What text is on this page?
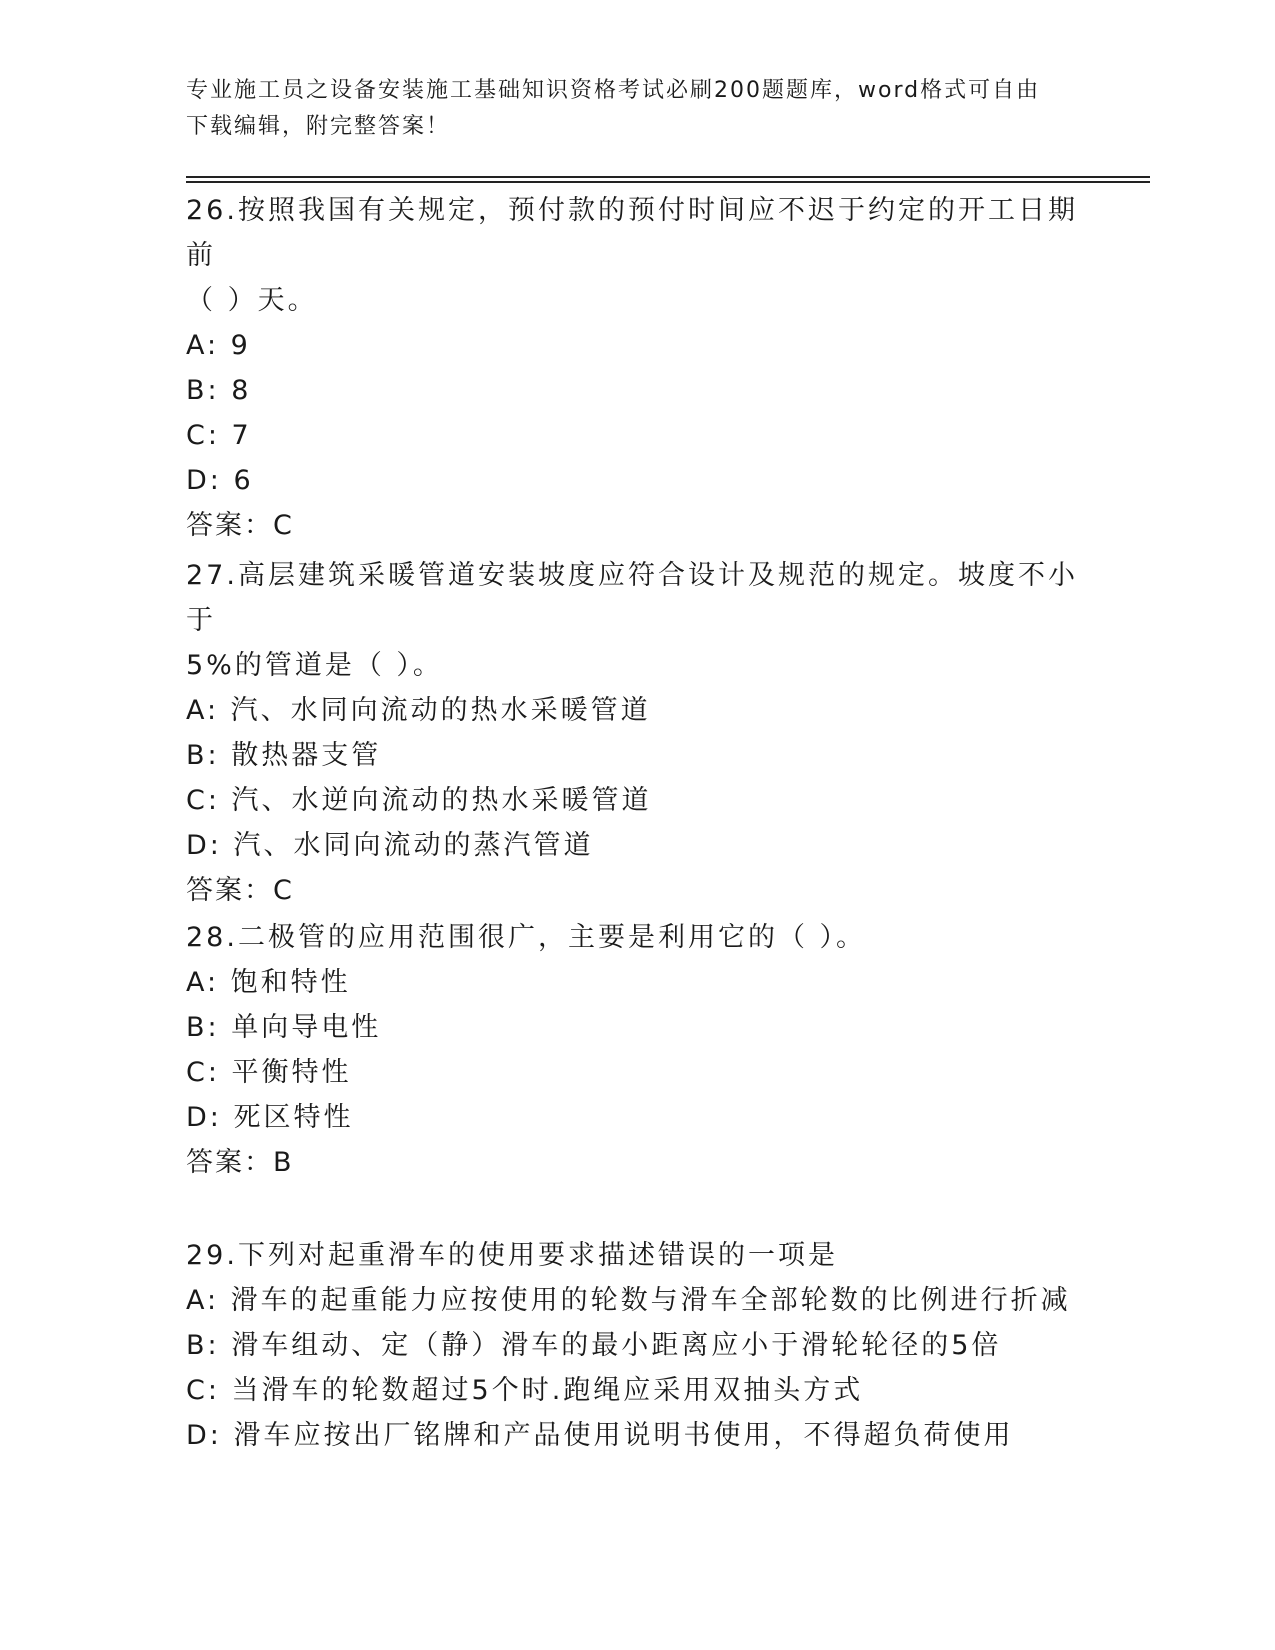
专业施工员之设备安装施工基础知识资格考试必刷200题题库，word格式可自由
下载编辑，附完整答案！
26.按照我国有关规定，预付款的预付时间应不迟于约定的开工日期前
（ ）天。
A: 9
B: 8
C: 7
D: 6
答案：C
27.高层建筑采暖管道安装坡度应符合设计及规范的规定。坡度不小于
5%的管道是（ ）。
A: 汽、水同向流动的热水采暖管道
B: 散热器支管
C: 汽、水逆向流动的热水采暖管道
D: 汽、水同向流动的蒸汽管道
答案：C
28.二极管的应用范围很广，主要是利用它的（ ）。
A: 饱和特性
B: 单向导电性
C: 平衡特性
D: 死区特性
答案：B
29.下列对起重滑车的使用要求描述错误的一项是
A: 滑车的起重能力应按使用的轮数与滑车全部轮数的比例进行折减
B: 滑车组动、定（静）滑车的最小距离应小于滑轮轮径的5倍
C: 当滑车的轮数超过5个时.跑绳应采用双抽头方式
D: 滑车应按出厂铭牌和产品使用说明书使用，不得超负荷使用
